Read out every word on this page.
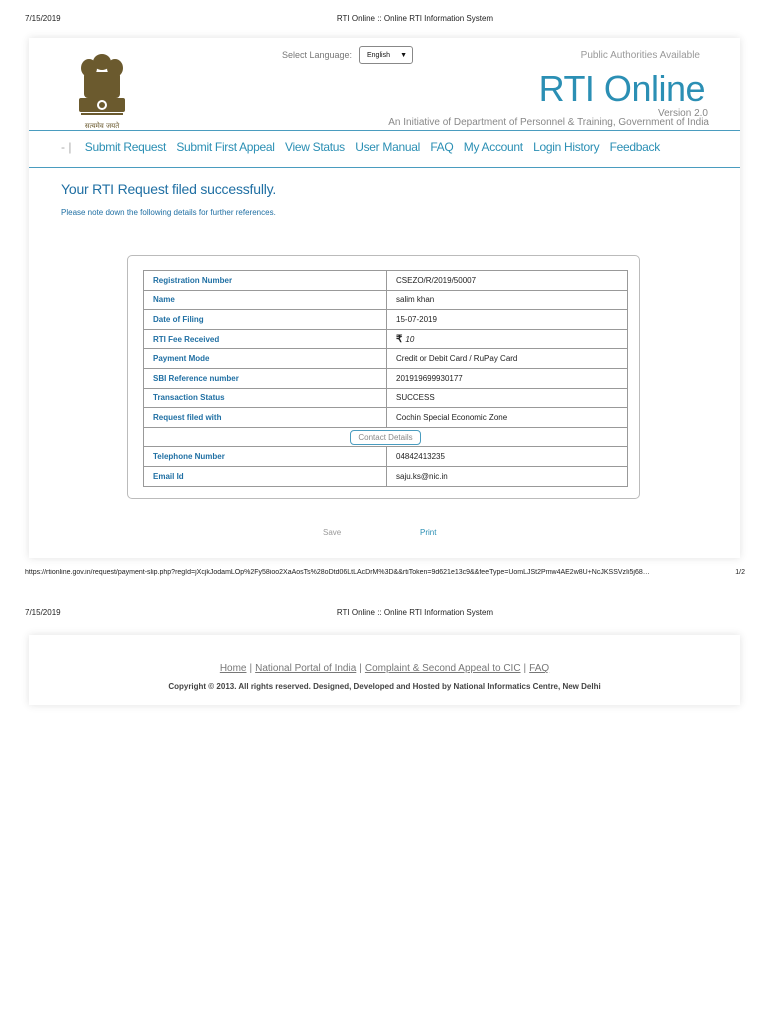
7/15/2019	RTI Online :: Online RTI Information System
सत्यमेव जयते
Select Language:	English ▼	Public Authorities Available
RTI Online
Version 2.0
An Initiative of Department of Personnel & Training, Government of India
- | Submit Request Submit First Appeal View Status User Manual FAQ My Account Login History Feedback
Your RTI Request filed successfully.
Please note down the following details for further references.
Registration Number	CSEZO/R/2019/50007
Name	salim khan
Date of Filing	15-07-2019
RTI Fee Received	₹ 10
Payment Mode	Credit or Debit Card / RuPay Card
SBI Reference number	201919699930177
Transaction Status	SUCCESS
Request filed with	Cochin Special Economic Zone
Contact Details	
Telephone Number	04842413235
Email Id	saju.ks@nic.in
Save	Print
https://rtionline.gov.in/request/payment-slip.php?regId=jXcjkJodamLOp%2Fy58ioo2XaAosTs%28oDtd06LtLAcDrM%3D&&rtiToken=9d621e13c9&&feeType=UomLJSt2Pmw4AE2w8U+NcJKSSVzIi5j68…	1/2
7/15/2019	RTI Online :: Online RTI Information System
Home | National Portal of India | Complaint & Second Appeal to CIC | FAQ
Copyright © 2013. All rights reserved. Designed, Developed and Hosted by National Informatics Centre, New Delhi
